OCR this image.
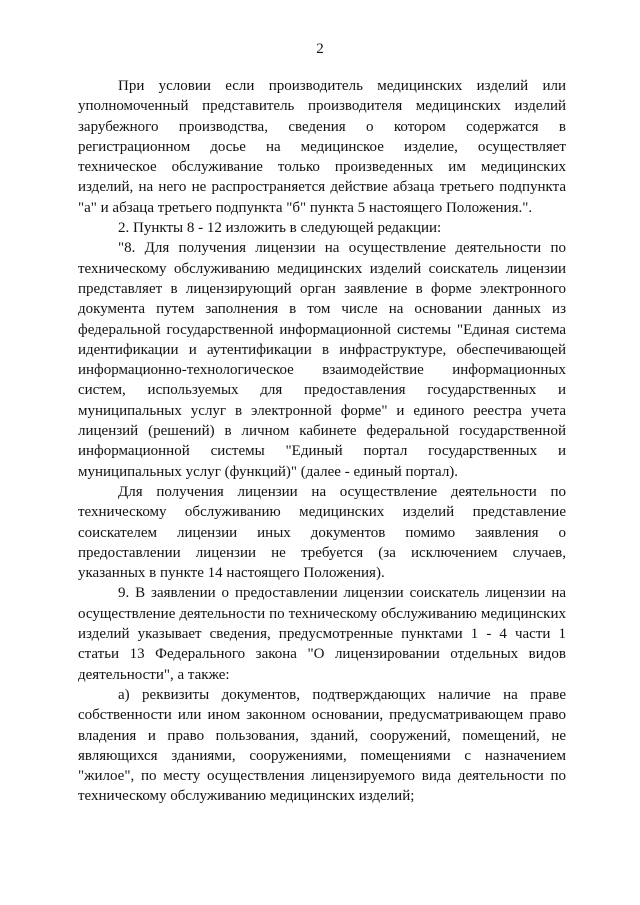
2

При условии если производитель медицинских изделий или уполномоченный представитель производителя медицинских изделий зарубежного производства, сведения о котором содержатся в регистрационном досье на медицинское изделие, осуществляет техническое обслуживание только произведенных им медицинских изделий, на него не распространяется действие абзаца третьего подпункта "а" и абзаца третьего подпункта "б" пункта 5 настоящего Положения.".

2. Пункты 8 - 12 изложить в следующей редакции:

"8. Для получения лицензии на осуществление деятельности по техническому обслуживанию медицинских изделий соискатель лицензии представляет в лицензирующий орган заявление в форме электронного документа путем заполнения в том числе на основании данных из федеральной государственной информационной системы "Единая система идентификации и аутентификации в инфраструктуре, обеспечивающей информационно-технологическое взаимодействие информационных систем, используемых для предоставления государственных и муниципальных услуг в электронной форме" и единого реестра учета лицензий (решений) в личном кабинете федеральной государственной информационной системы "Единый портал государственных и муниципальных услуг (функций)" (далее - единый портал).

Для получения лицензии на осуществление деятельности по техническому обслуживанию медицинских изделий представление соискателем лицензии иных документов помимо заявления о предоставлении лицензии не требуется (за исключением случаев, указанных в пункте 14 настоящего Положения).

9. В заявлении о предоставлении лицензии соискатель лицензии на осуществление деятельности по техническому обслуживанию медицинских изделий указывает сведения, предусмотренные пунктами 1 - 4 части 1 статьи 13 Федерального закона "О лицензировании отдельных видов деятельности", а также:

а) реквизиты документов, подтверждающих наличие на праве собственности или ином законном основании, предусматривающем право владения и право пользования, зданий, сооружений, помещений, не являющихся зданиями, сооружениями, помещениями с назначением "жилое", по месту осуществления лицензируемого вида деятельности по техническому обслуживанию медицинских изделий;
